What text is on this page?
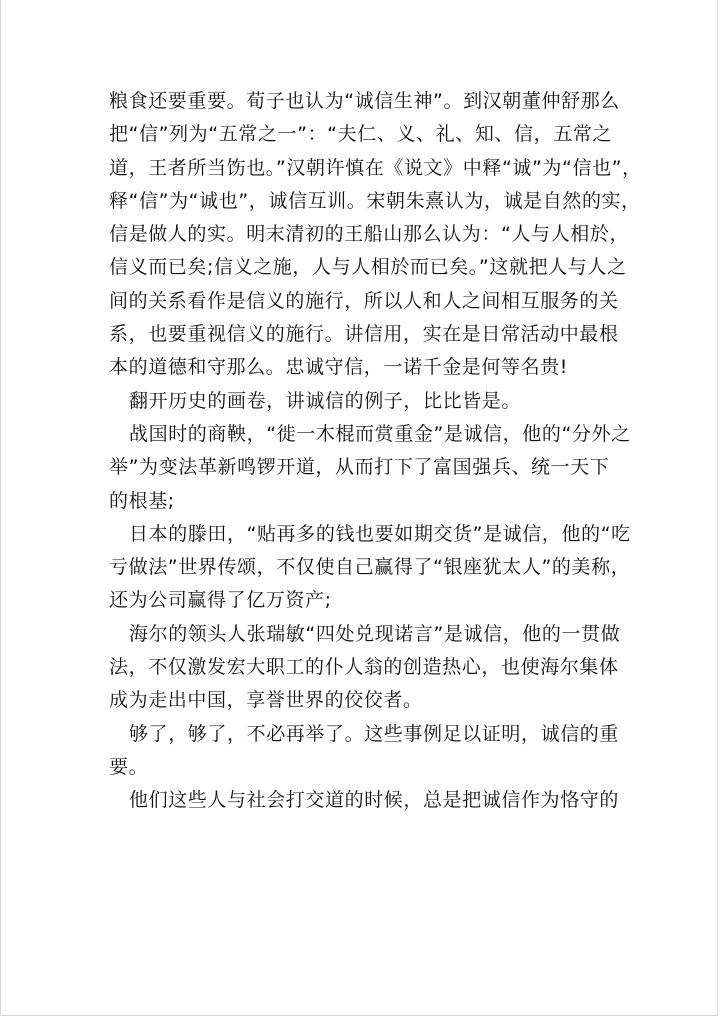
粮食还要重要。荀子也认为“诚信生神”。到汉朝董仲舒那么
把“信”列为“五常之一”：“夫仁、义、礼、知、信，五常之
道，王者所当饬也。”汉朝许慎在《说文》中释“诚”为“信也”，
释“信”为“诚也”，诚信互训。宋朝朱熹认为，诚是自然的实，
信是做人的实。明末清初的王船山那么认为：“人与人相於，
信义而已矣;信义之施，人与人相於而已矣。”这就把人与人之
间的关系看作是信义的施行，所以人和人之间相互服务的关
系，也要重视信义的施行。讲信用，实在是日常活动中最根
本的道德和守那么。忠诚守信，一诺千金是何等名贵!
翻开历史的画卷，讲诚信的例子，比比皆是。
战国时的商鞅，“徙一木棍而赏重金”是诚信，他的“分外之
举”为变法革新鸣锣开道，从而打下了富国强兵、统一天下
的根基;
日本的滕田，“贴再多的钱也要如期交货”是诚信，他的“吃
亏做法”世界传颂，不仅使自己赢得了“银座犹太人”的美称，
还为公司赢得了亿万资产;
海尔的领头人张瑞敏“四处兑现诺言”是诚信，他的一贯做
法，不仅激发宏大职工的仆人翁的创造热心，也使海尔集体
成为走出中国，享誉世界的佼佼者。
够了，够了，不必再举了。这些事例足以证明，诚信的重
要。
他们这些人与社会打交道的时候，总是把诚信作为恪守的
